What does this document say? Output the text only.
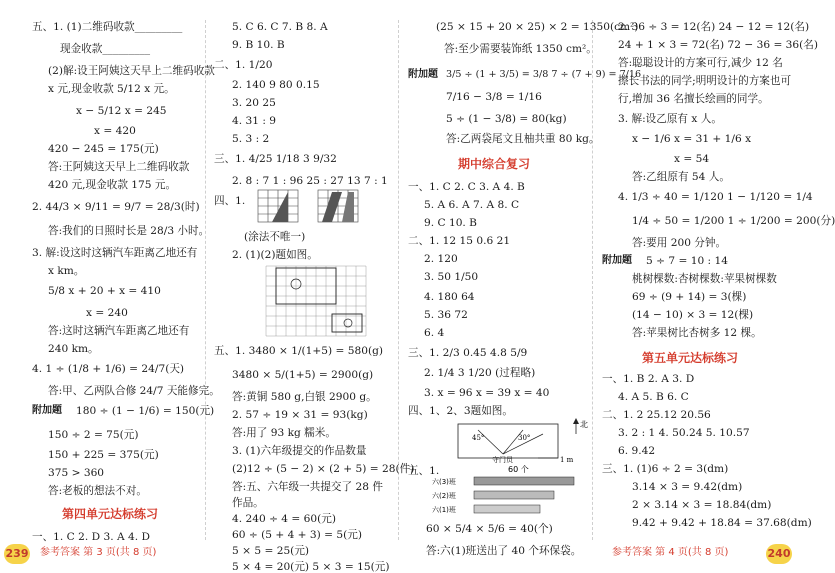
五、1. (1)二维码收款_________
现金收款_________
(2)解:设王阿姨这天早上二维码收款
x 元,现金收款 5/12 x 元。
x − 5/12 x = 245
x = 420
420 − 245 = 175(元)
答:王阿姨这天早上二维码收款
420 元,现金收款 175 元。
2. 44/3 × 9/11 = 9/7 = 28/3(时)
答:我们的日照时长是 28/3 小时。
3. 解:设这时这辆汽车距离乙地还有
x km。
5/8 x + 20 + x = 410
x = 240
答:这时这辆汽车距离乙地还有
240 km。
4. 1 ÷ (1/8 + 1/6) = 24/7(天)
答:甲、乙两队合修 24/7 天能修完。
附加题 180 ÷ (1 − 1/6) = 150(元)
150 ÷ 2 = 75(元)
150 + 225 = 375(元)
375 > 360
答:老板的想法不对。
第四单元达标练习
一、1. C 2. D 3. A 4. D
5. C 6. C 7. B 8. A
9. B 10. B
二、1. 1/20
2. 140 9 80 0.15
3. 20 25
4. 31 : 9
5. 3 : 2
三、1. 4/25 1/18 3 9/32
2. 8 : 7 1 : 96 25 : 27 13 7 : 1
四、1.
(涂法不唯一)
2. (1)(2)题如图。
五、1. 3480 × 1/(1+5) = 580(g)
3480 × 5/(1+5) = 2900(g)
答:黄铜 580 g,白银 2900 g。
2. 57 ÷ 19 × 31 = 93(kg)
答:用了 93 kg 糯米。
3. (1)六年级提交的作品数量
(2)12 ÷ (5 − 2) × (2 + 5) = 28(件)
答:五、六年级一共提交了 28 件
作品。
4. 240 ÷ 4 = 60(元)
60 ÷ (5 + 4 + 3) = 5(元)
5 × 5 = 25(元)
5 × 4 = 20(元) 5 × 3 = 15(元)
(25 × 15 + 20 × 25) × 2 = 1350(cm²)
答:至少需要装饰纸 1350 cm²。
附加题 3/5 ÷ (1 + 3/5) = 3/8 7 ÷ (7 + 9) = 7/16
7/16 − 3/8 = 1/16
5 ÷ (1 − 3/8) = 80(kg)
答:乙两袋尾文且柚共重 80 kg。
期中综合复习
一、1. C 2. C 3. A 4. B
5. A 6. A 7. A 8. C
9. C 10. B
二、1. 12 15 0.6 21
2. 120
3. 50 1/50
4. 180 64
5. 36 72
6. 4
三、1. 2/3 0.45 4.8 5/9
2. 1/4 3 1/20 (过程略)
3. x = 96 x = 39 x = 40
四、1、2、3题如图。
北
45°	30°
守门员	1 m
五、1.	60 个
六(3)班
六(2)班
六(1)班
60 × 5/4 × 5/6 = 40(个)
答:六(1)班送出了 40 个环保袋。
2. 36 ÷ 3 = 12(名) 24 − 12 = 12(名)
24 + 1 × 3 = 72(名) 72 − 36 = 36(名)
答:聪聪设计的方案可行,减少 12 名
擦长书法的同学;明明设计的方案也可
行,增加 36 名擅长绘画的同学。
3. 解:设乙原有 x 人。
x − 1/6 x = 31 + 1/6 x
x = 54
答:乙组原有 54 人。
4. 1/3 ÷ 40 = 1/120 1 − 1/120 = 1/4
1/4 ÷ 50 = 1/200 1 ÷ 1/200 = 200(分)
答:要用 200 分钟。
附加题 5 ÷ 7 = 10 : 14
桃树棵数:杏树棵数:苹果树棵数
69 ÷ (9 + 14) = 3(棵)
(14 − 10) × 3 = 12(棵)
答:苹果树比杏树多 12 棵。
第五单元达标练习
一、1. B 2. A 3. D
4. A 5. B 6. C
二、1. 2 25.12 20.56
3. 2 : 1 4. 50.24 5. 10.57
6. 9.42
三、1. (1)6 ÷ 2 = 3(dm)
3.14 × 3 = 9.42(dm)
2 × 3.14 × 3 = 18.84(dm)
9.42 + 9.42 + 18.84 = 37.68(dm)
239 参考答案 第 3 页(共 8 页)	参考答案 第 4 页(共 8 页)	240
